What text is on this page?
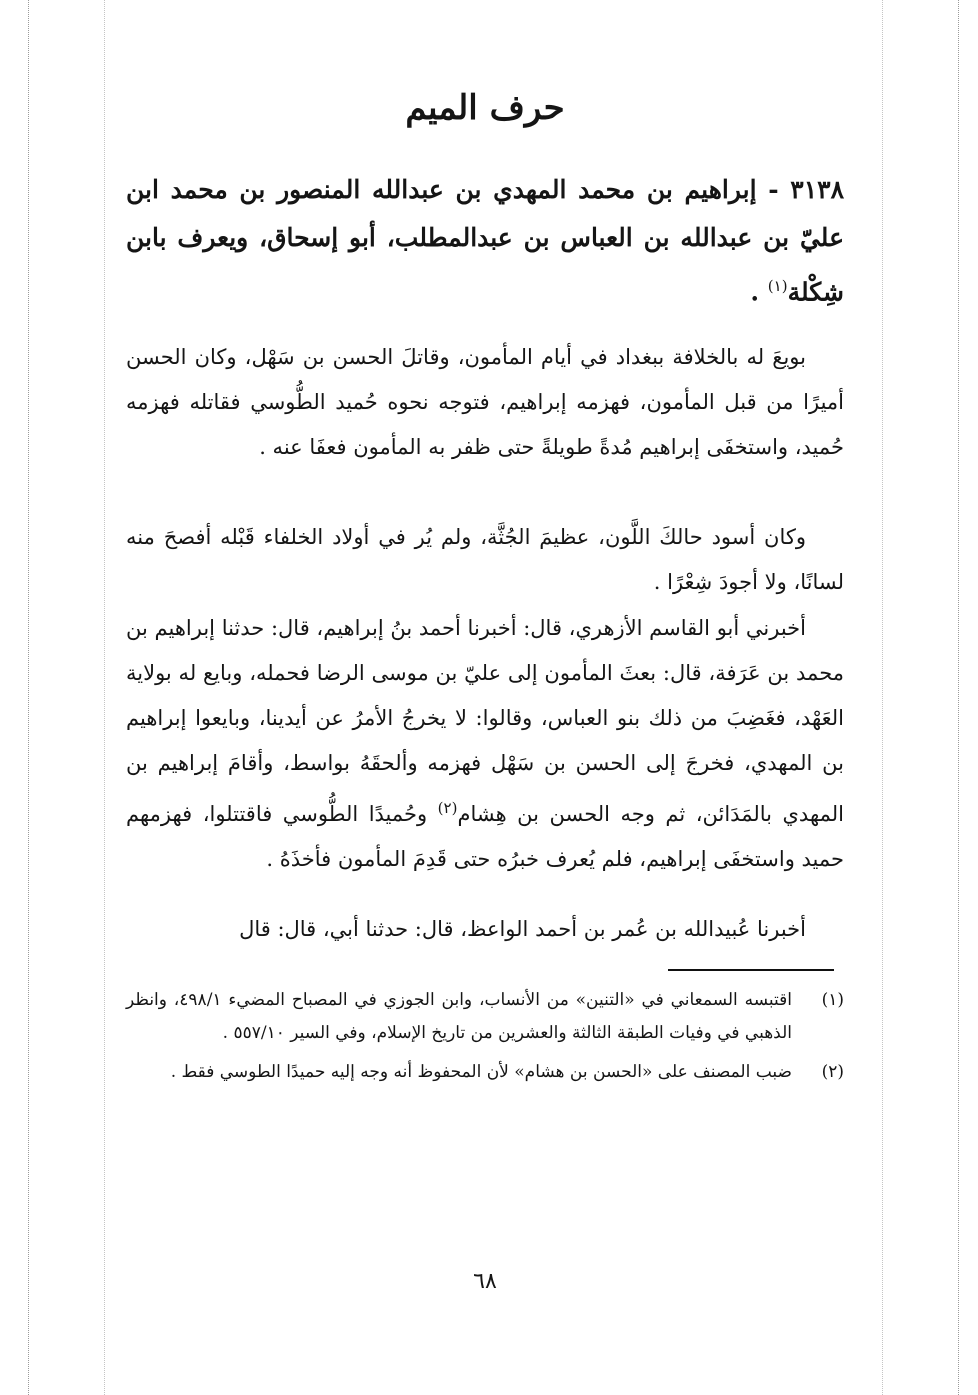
حرف الميم
٣١٣٨ - إبراهيم بن محمد المهدي بن عبدالله المنصور بن محمد ابن عليّ بن عبدالله بن العباس بن عبدالمطلب، أبو إسحاق، ويعرف بابن شِكْلة$^{(١)}$ .
بويعَ له بالخلافة ببغداد في أيام المأمون، وقاتلَ الحسن بن سَهْل، وكان الحسن أميرًا من قبل المأمون، فهزمه إبراهيم، فتوجه نحوه حُميد الطُّوسي فقاتله فهزمه حُميد، واستخفَى إبراهيم مُدةً طويلةً حتى ظفر به المأمون فعفَا عنه .
وكان أسود حالكَ اللَّون، عظيمَ الجُثَّة، ولم يُر في أولاد الخلفاء قَبْله أفصحَ منه لسانًا، ولا أجودَ شِعْرًا .
أخبرني أبو القاسم الأزهري، قال: أخبرنا أحمد بنُ إبراهيم، قال: حدثنا إبراهيم بن محمد بن عَرَفة، قال: بعثَ المأمون إلى عليّ بن موسى الرضا فحمله، وبايع له بولاية العَهْد، فغَضِبَ من ذلك بنو العباس، وقالوا: لا يخرجُ الأمرُ عن أيدينا، وبايعوا إبراهيم بن المهدي، فخرجَ إلى الحسن بن سَهْل فهزمه وألحقَهُ بواسط، وأقامَ إبراهيم بن المهدي بالمَدَائن، ثم وجه الحسن بن هِشام$^{(٢)}$ وحُميدًا الطُّوسي فاقتتلوا، فهزمهم حميد واستخفَى إبراهيم، فلم يُعرف خبرُه حتى قَدِمَ المأمون فأخذَهُ .
أخبرنا عُبيدالله بن عُمر بن أحمد الواعظ، قال: حدثنا أبي، قال: قال
(١)
اقتبسه السمعاني في «التنين» من الأنساب، وابن الجوزي في المصباح المضيء ٤٩٨/١، وانظر الذهبي في وفيات الطبقة الثالثة والعشرين من تاريخ الإسلام، وفي السير ٥٥٧/١٠ .
(٢)
ضبب المصنف على «الحسن بن هشام» لأن المحفوظ أنه وجه إليه حميدًا الطوسي فقط .
٦٨
